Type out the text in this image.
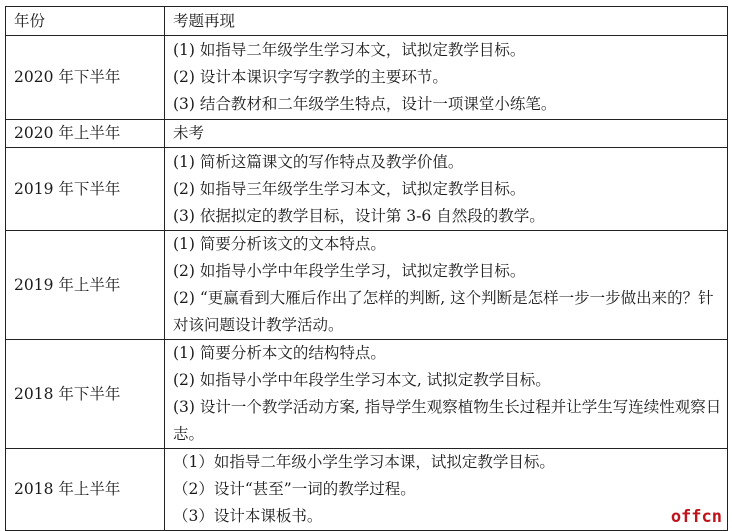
年份	考题再现
2020 年下半年	(1) 如指导二年级学生学习本文，试拟定教学目标。
(2) 设计本课识字写字教学的主要环节。
(3) 结合教材和二年级学生特点，设计一项课堂小练笔。

2020 年上半年	未考

2019 年下半年	(1) 简析这篇课文的写作特点及教学价值。
(2) 如指导三年级学生学习本文，试拟定教学目标。
(3) 依据拟定的教学目标，设计第 3-6 自然段的教学。

2019 年上半年	(1) 简要分析该文的文本特点。
(2) 如指导小学中年段学生学习，试拟定教学目标。
(2) “更赢看到大雁后作出了怎样的判断, 这个判断是怎样一步一步做出来的？针对该问题设计教学活动。

2018 年下半年	(1) 简要分析本文的结构特点。
(2) 如指导小学中年段学生学习本文, 试拟定教学目标。
(3) 设计一个教学活动方案, 指导学生观察植物生长过程并让学生写连续性观察日志。

2018 年上半年	（1）如指导二年级小学生学习本课，试拟定教学目标。
（2）设计“甚至”一词的教学过程。
（3）设计本课板书。	offcn
